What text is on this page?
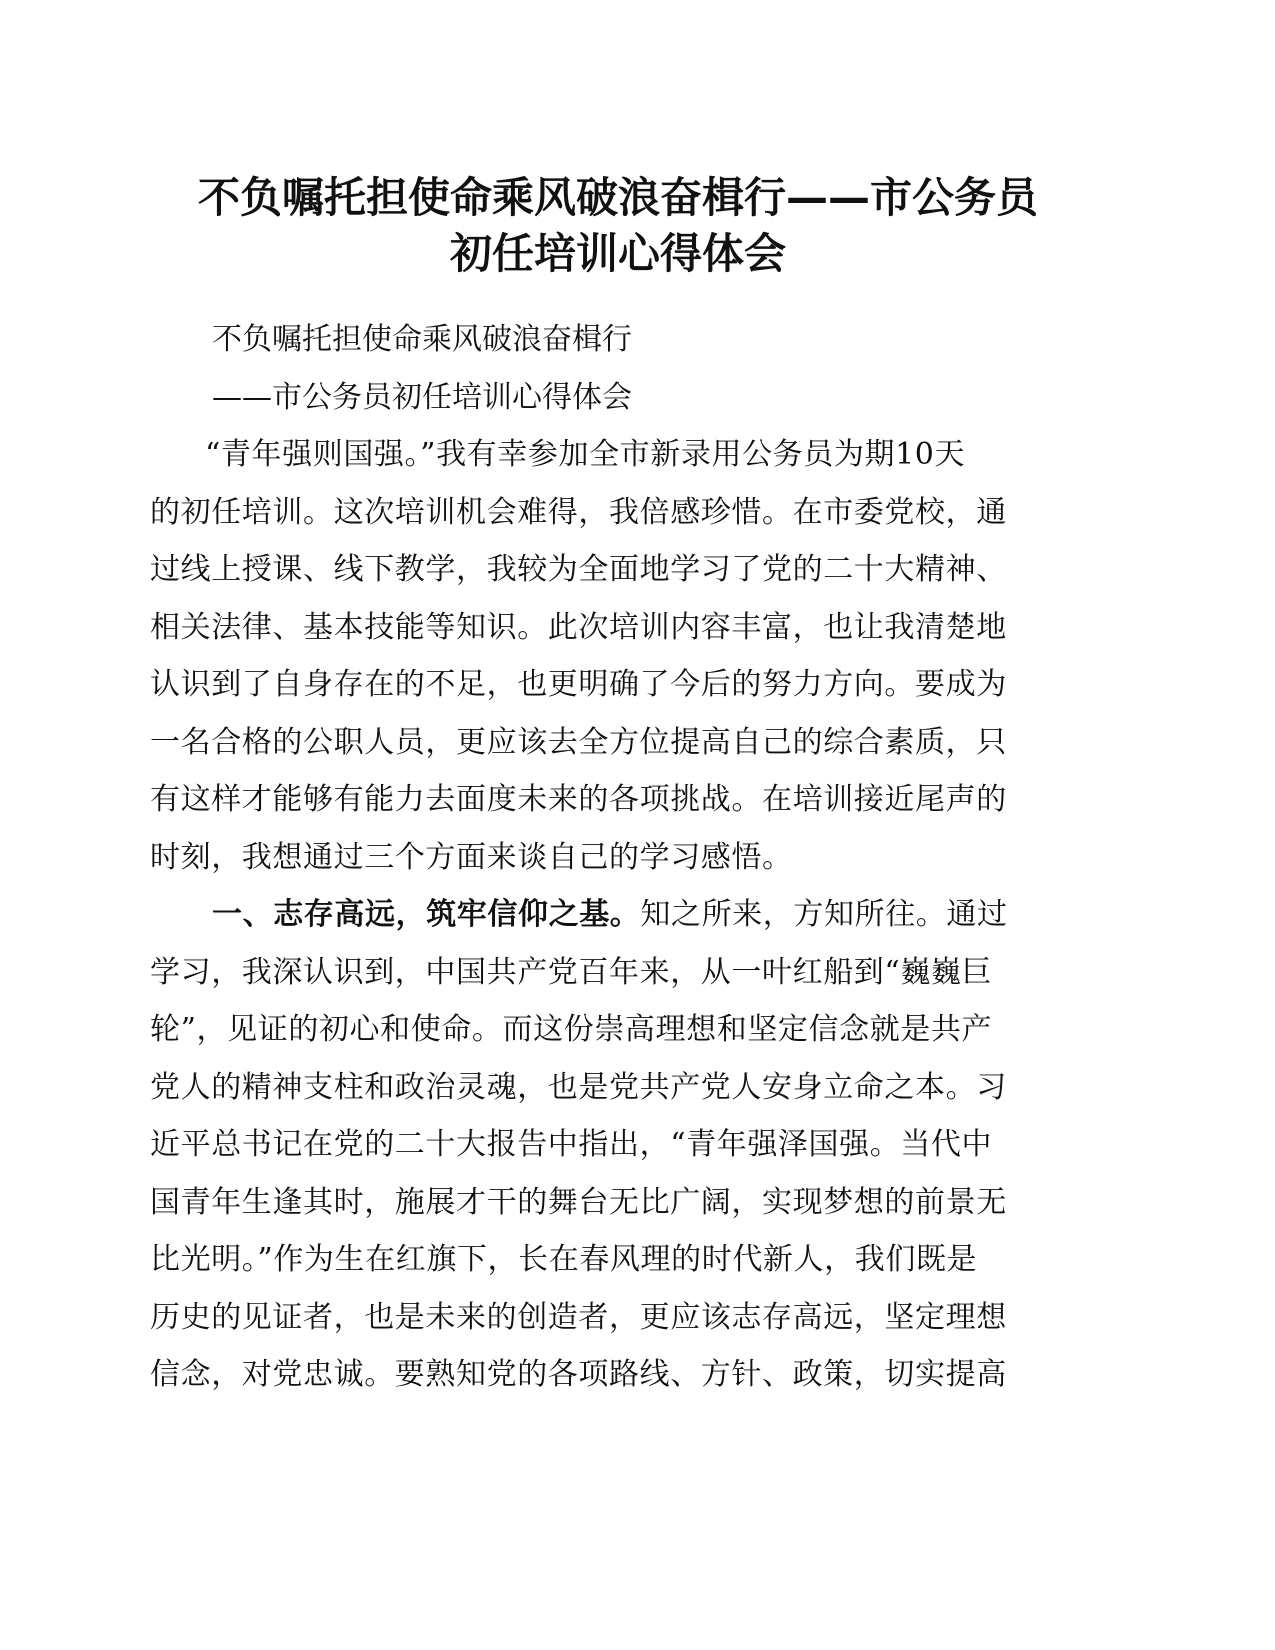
不负嘱托担使命乘风破浪奋楫行——市公务员
初任培训心得体会

不负嘱托担使命乘风破浪奋楫行

——市公务员初任培训心得体会

“青年强则国强。”我有幸参加全市新录用公务员为期10天
的初任培训。这次培训机会难得，我倍感珍惜。在市委党校，通
过线上授课、线下教学，我较为全面地学习了党的二十大精神、
相关法律、基本技能等知识。此次培训内容丰富，也让我清楚地
认识到了自身存在的不足，也更明确了今后的努力方向。要成为
一名合格的公职人员，更应该去全方位提高自己的综合素质，只
有这样才能够有能力去面度未来的各项挑战。在培训接近尾声的
时刻，我想通过三个方面来谈自己的学习感悟。
一、志存高远，筑牢信仰之基。知之所来，方知所往。通过
学习，我深认识到，中国共产党百年来，从一叶红船到“巍巍巨
轮”，见证的初心和使命。而这份崇高理想和坚定信念就是共产
党人的精神支柱和政治灵魂，也是党共产党人安身立命之本。习
近平总书记在党的二十大报告中指出，“青年强泽国强。当代中
国青年生逢其时，施展才干的舞台无比广阔，实现梦想的前景无
比光明。”作为生在红旗下，长在春风理的时代新人，我们既是
历史的见证者，也是未来的创造者，更应该志存高远，坚定理想
信念，对党忠诚。要熟知党的各项路线、方针、政策，切实提高
